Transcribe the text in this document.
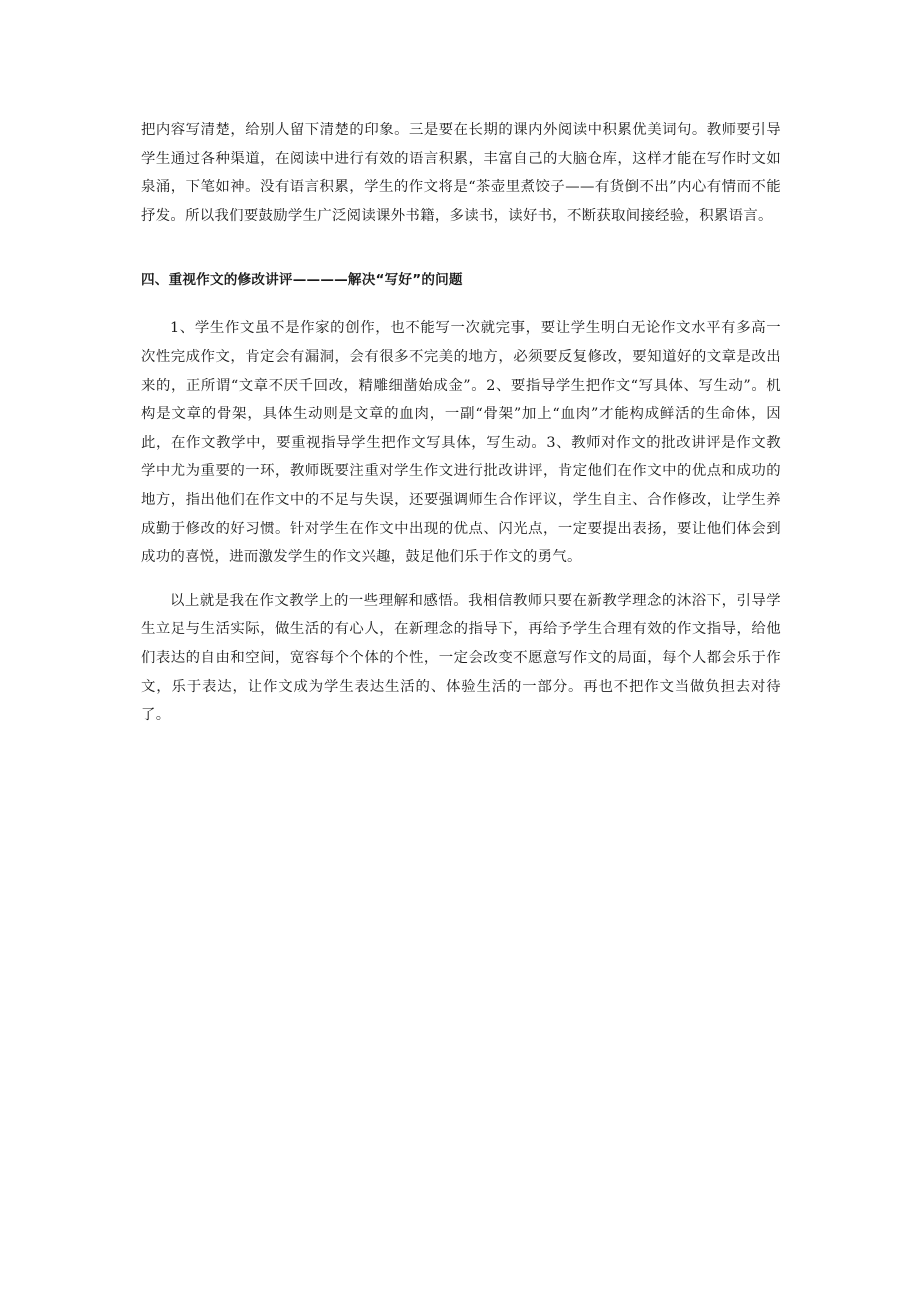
把内容写清楚，给别人留下清楚的印象。三是要在长期的课内外阅读中积累优美词句。教师要引导学生通过各种渠道，在阅读中进行有效的语言积累，丰富自己的大脑仓库，这样才能在写作时文如泉涌，下笔如神。没有语言积累，学生的作文将是“茶壶里煮饺子——有货倒不出”内心有情而不能抒发。所以我们要鼓励学生广泛阅读课外书籍，多读书，读好书，不断获取间接经验，积累语言。

四、重视作文的修改讲评————解决“写好”的问题

1、学生作文虽不是作家的创作，也不能写一次就完事，要让学生明白无论作文水平有多高一次性完成作文，肯定会有漏洞，会有很多不完美的地方，必须要反复修改，要知道好的文章是改出来的，正所谓“文章不厌千回改，精雕细凿始成金”。2、要指导学生把作文“写具体、写生动”。机构是文章的骨架，具体生动则是文章的血肉，一副“骨架”加上“血肉”才能构成鲜活的生命体，因此，在作文教学中，要重视指导学生把作文写具体，写生动。3、教师对作文的批改讲评是作文教学中尤为重要的一环，教师既要注重对学生作文进行批改讲评，肯定他们在作文中的优点和成功的地方，指出他们在作文中的不足与失误，还要强调师生合作评议，学生自主、合作修改，让学生养成勤于修改的好习惯。针对学生在作文中出现的优点、闪光点，一定要提出表扬，要让他们体会到成功的喜悦，进而激发学生的作文兴趣，鼓足他们乐于作文的勇气。

以上就是我在作文教学上的一些理解和感悟。我相信教师只要在新教学理念的沐浴下，引导学生立足与生活实际，做生活的有心人，在新理念的指导下，再给予学生合理有效的作文指导，给他们表达的自由和空间，宽容每个个体的个性，一定会改变不愿意写作文的局面，每个人都会乐于作文，乐于表达，让作文成为学生表达生活的、体验生活的一部分。再也不把作文当做负担去对待了。
